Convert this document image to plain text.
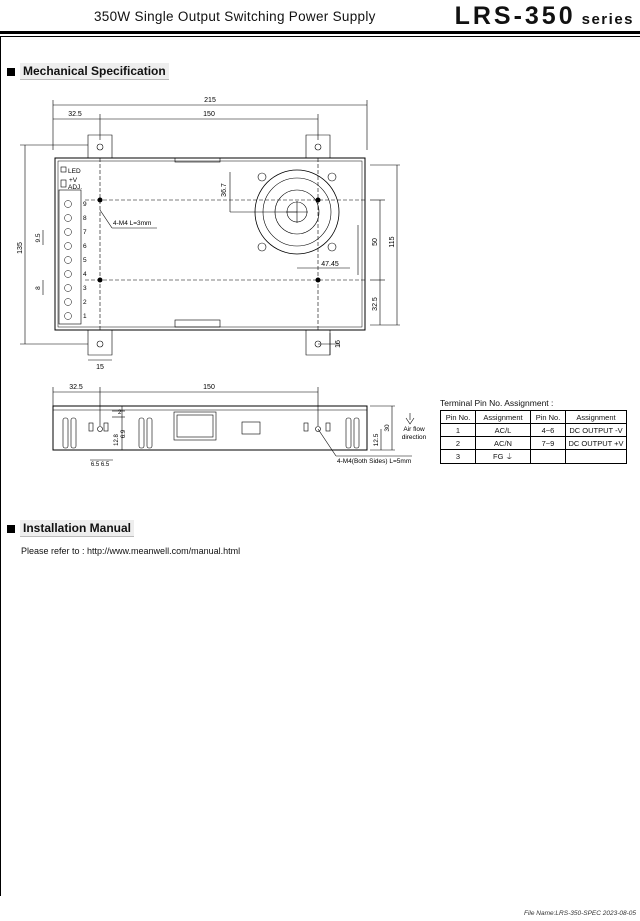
350W Single Output Switching Power Supply	LRS-350 series
Mechanical Specification
215
32.5	150
135
36.7
4-M4 L=3mm
9.5
8
47.45
50 115
32.5
15
16
LED
+V
ADJ.
9
8
7
6
5
4
3
2
1
32.5	150
2
6.9
12.8
6.5 6.5
30
12.5
4-M4(Both Sides) L=5mm
Air flow
direction
Terminal Pin No. Assignment :
Pin No.	Assignment	Pin No.	Assignment
1	AC/L	4~6	DC OUTPUT -V
2	AC/N	7~9	DC OUTPUT +V
3	FG ⏚		
Installation Manual
Please refer to : http://www.meanwell.com/manual.html
File Name:LRS-350-SPEC 2023-08-05
